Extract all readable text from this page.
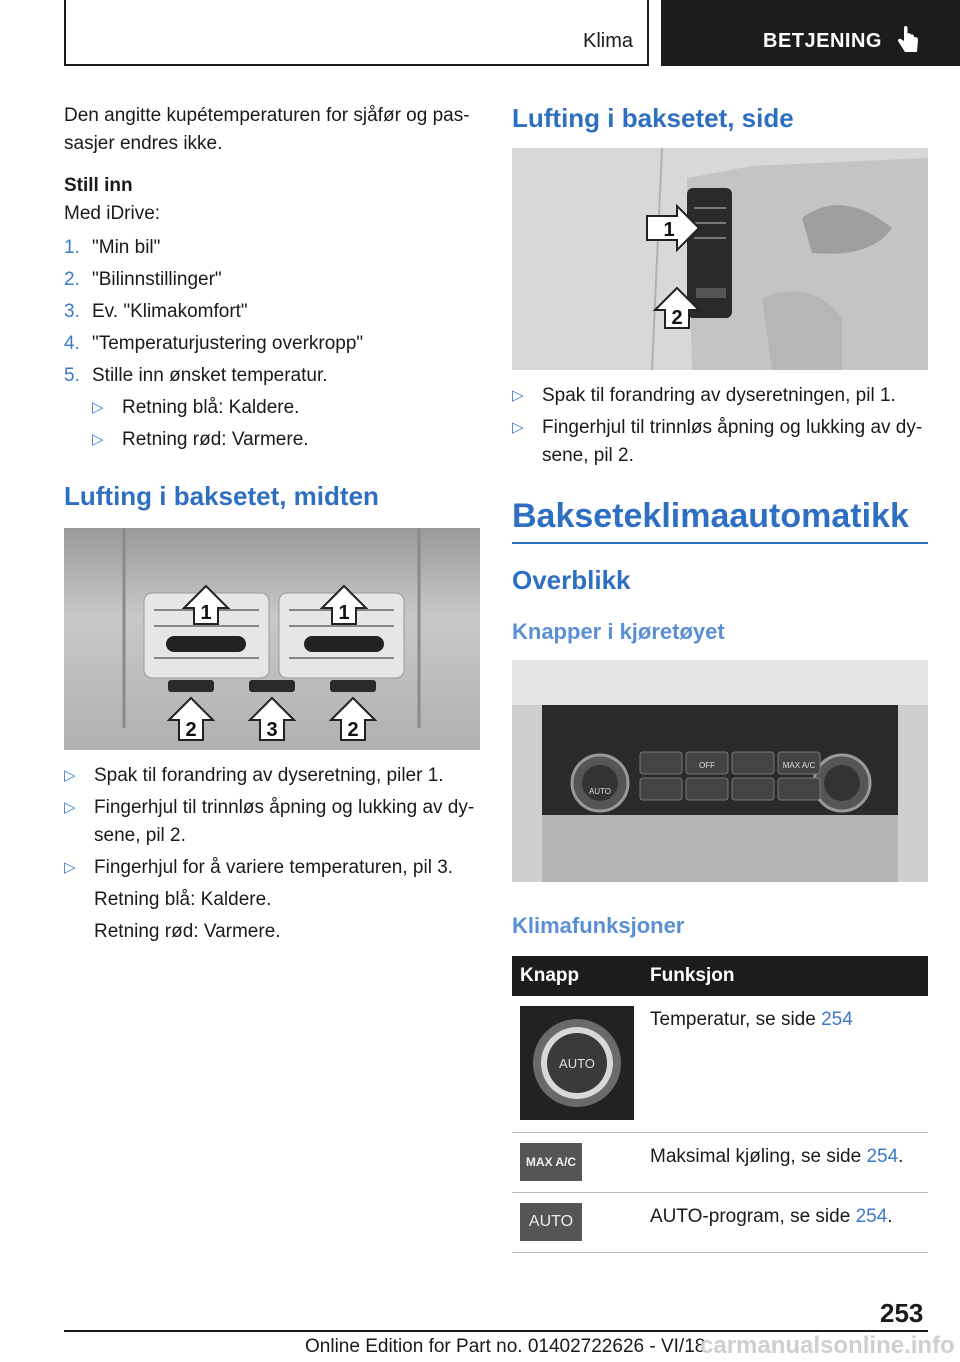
Klima	BETJENING

Den angitte kupétemperaturen for sjåfør og passasjer endres ikke.

Still inn
Med iDrive:
1. "Min bil"
2. "Bilinnstillinger"
3. Ev. "Klimakomfort"
4. "Temperaturjustering overkropp"
5. Stille inn ønsket temperatur.
▷ Retning blå: Kaldere.
▷ Retning rød: Varmere.
Lufting i baksetet, midten
1	1
2	3	2
▷ Spak til forandring av dyseretning, piler 1.
▷ Fingerhjul til trinnløs åpning og lukking av dysene, pil 2.
▷ Fingerhjul for å variere temperaturen, pil 3.
Retning blå: Kaldere.
Retning rød: Varmere.
Lufting i baksetet, side
1
2
▷ Spak til forandring av dyseretningen, pil 1.
▷ Fingerhjul til trinnløs åpning og lukking av dysene, pil 2.
Bakseteklimaautomatikk
Overblikk
Knapper i kjøretøyet
AUTO
OFF	MAX A/C
Klimafunksjoner
Knapp	Funksjon

AUTO	Temperatur, se side 254

MAX A/C	Maksimal kjøling, se side 254.

AUTO	AUTO-program, se side 254.
253
Online Edition for Part no. 01402722626 - VI/18
carmanualsonline.info
